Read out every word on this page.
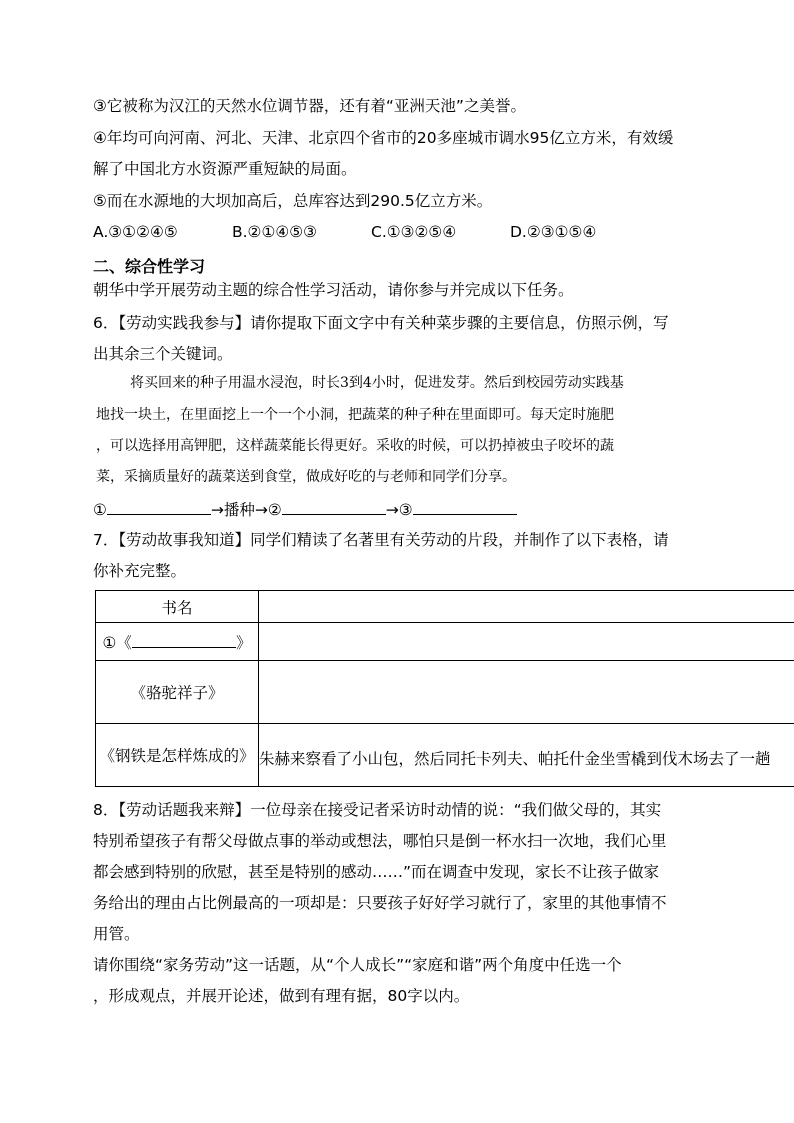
③它被称为汉江的天然水位调节器，还有着“亚洲天池”之美誉。
④年均可向河南、河北、天津、北京四个省市的20多座城市调水95亿立方米，有效缓
解了中国北方水资源严重短缺的局面。
⑤而在水源地的大坝加高后，总库容达到290.5亿立方米。
A.③①②④⑤	B.②①④⑤③	C.①③②⑤④	D.②③①⑤④
二、综合性学习
朝华中学开展劳动主题的综合性学习活动，请你参与并完成以下任务。
6．【劳动实践我参与】请你提取下面文字中有关种菜步骤的主要信息，仿照示例，写
出其余三个关键词。
将买回来的种子用温水浸泡，时长3到4小时，促进发芽。然后到校园劳动实践基
地找一块土，在里面挖上一个一个小洞，把蔬菜的种子种在里面即可。每天定时施肥
，可以选择用高钾肥，这样蔬菜能长得更好。采收的时候，可以扔掉被虫子咬坏的蔬
菜，采摘质量好的蔬菜送到食堂，做成好吃的与老师和同学们分享。
①	→播种→②	→③
7．【劳动故事我知道】同学们精读了名著里有关劳动的片段，并制作了以下表格，请
你补充完整。
书名	
①《 》	
《骆驼祥子》	
《钢铁是怎样炼成的》	朱赫来察看了小山包，然后同托卡列夫、帕托什金坐雪橇到伐木场去了一趟
8．【劳动话题我来辩】一位母亲在接受记者采访时动情的说：“我们做父母的，其实
特别希望孩子有帮父母做点事的举动或想法，哪怕只是倒一杯水扫一次地，我们心里
都会感到特别的欣慰，甚至是特别的感动……”而在调查中发现，家长不让孩子做家
务给出的理由占比例最高的一项却是：只要孩子好好学习就行了，家里的其他事情不
用管。
请你围绕“家务劳动”这一话题，从“个人成长”“家庭和谐”两个角度中任选一个
，形成观点，并展开论述，做到有理有据，80字以内。
